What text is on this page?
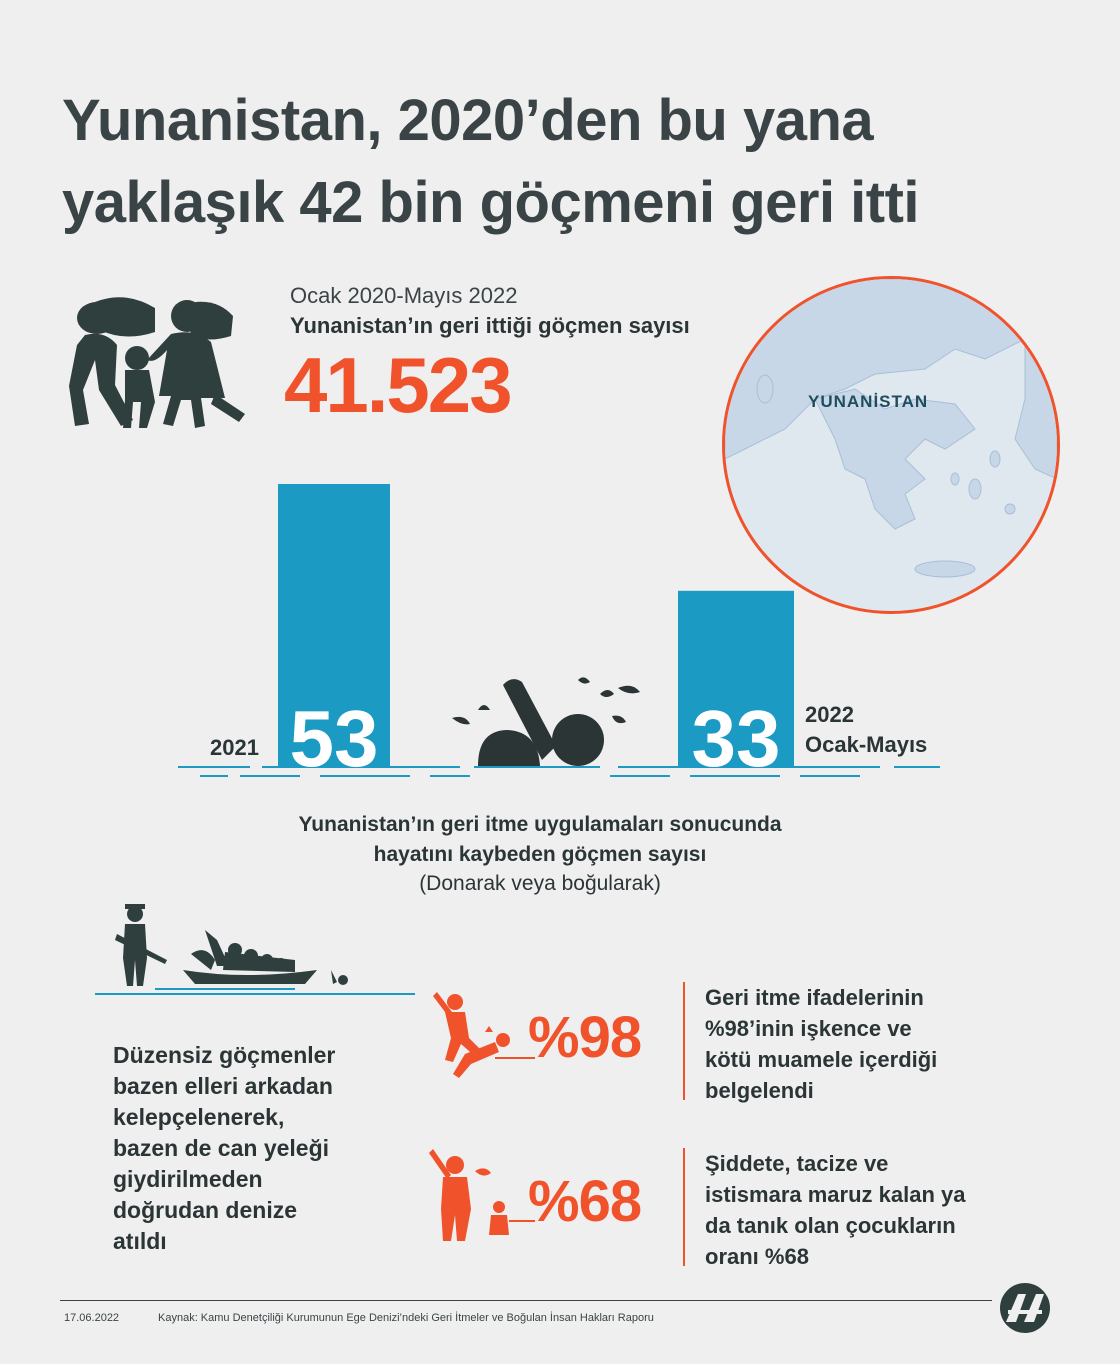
Yunanistan, 2020’den bu yana
yaklaşık 42 bin göçmeni geri itti
Ocak 2020-Mayıs 2022
Yunanistan’ın geri ittiği göçmen sayısı
41.523	YUNANİSTAN
53	33
2021
2022
Ocak-Mayıs
Yunanistan’ın geri itme uygulamaları sonucunda
hayatını kaybeden göçmen sayısı
(Donarak veya boğularak)
Düzensiz göçmenler
bazen elleri arkadan
kelepçelenerek,
bazen de can yeleği
giydirilmeden
doğrudan denize
atıldı
%98
Geri itme ifadelerinin
%98’inin işkence ve
kötü muamele içerdiği
belgelendi
%68
Şiddete, tacize ve
istismara maruz kalan ya
da tanık olan çocukların
oranı %68
17.06.2022	Kaynak: Kamu Denetçiliği Kurumunun Ege Denizi’ndeki Geri İtmeler ve Boğulan İnsan Hakları Raporu
